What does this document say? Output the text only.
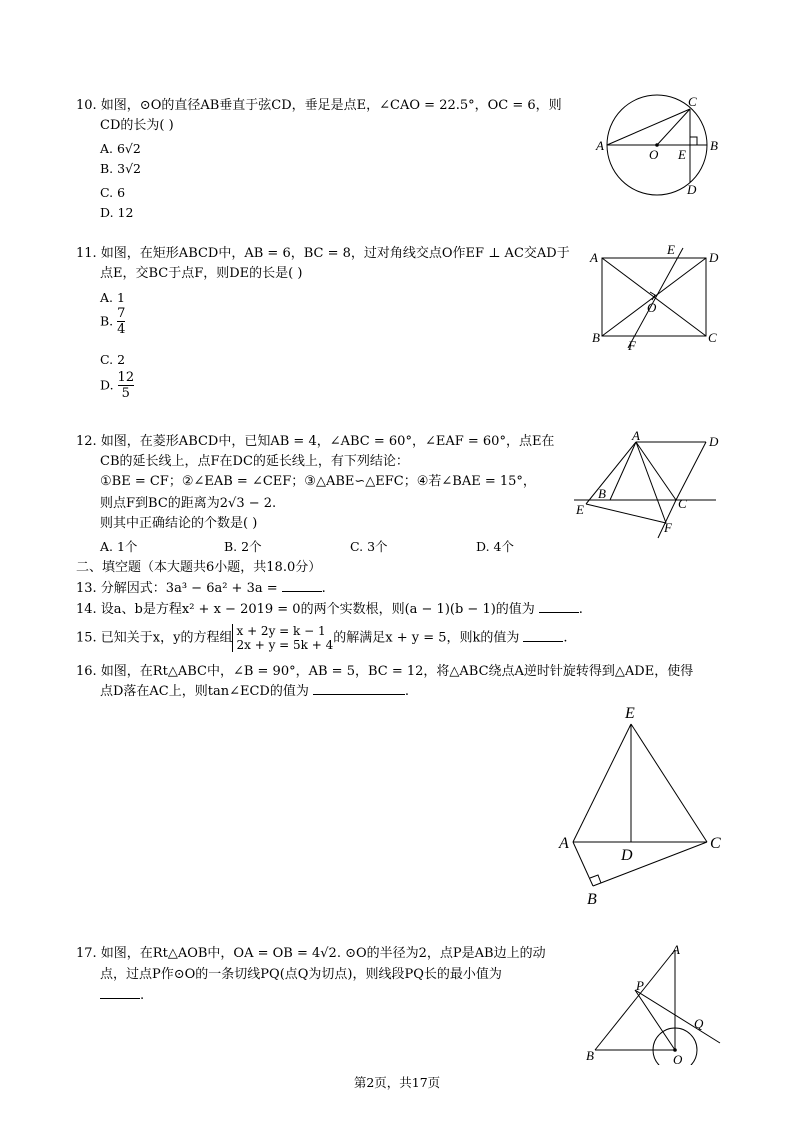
10. 如图，⊙O的直径AB垂直于弦CD，垂足是点E，∠CAO = 22.5°，OC = 6，则
CD的长为( )
A. 6√2
B. 3√2
C. 6
D. 12
A	B
C
D
E
O
11. 如图，在矩形ABCD中，AB = 6，BC = 8，过对角线交点O作EF ⊥ AC交AD于
点E，交BC于点F，则DE的长是( )
A. 1
B. $\frac{7}{4}$
C. 2
D. $\frac{12}{5}$
A
B	C
D
E
F
O
12. 如图，在菱形ABCD中，已知AB = 4，∠ABC = 60°，∠EAF = 60°，点E在
CB的延长线上，点F在DC的延长线上，有下列结论：
①BE = CF；②∠EAB = ∠CEF；③△ABE∽△EFC；④若∠BAE = 15°，
则点F到BC的距离为2√3 − 2.
则其中正确结论的个数是( )
A. 1个	B. 2个	C. 3个	D. 4个
A
B
C
D
E
F
二、填空题（本大题共6小题，共18.0分）
13. 分解因式：3a³ − 6a² + 3a =	.
14. 设a、b是方程x² + x − 2019 = 0的两个实数根，则(a − 1)(b − 1)的值为	.
15. 已知关于x，y的方程组 x + 2y = k − 1
2x + y = 5k + 4 的解满足x + y = 5，则k的值为	.
16. 如图，在Rt△ABC中，∠B = 90°，AB = 5，BC = 12，将△ABC绕点A逆时针旋转得到△ADE，使得
点D落在AC上，则tan∠ECD的值为	.
A
B
C
D
E
17. 如图，在Rt△AOB中，OA = OB = 4√2. ⊙O的半径为2，点P是AB边上的动
点，过点P作⊙O的一条切线PQ(点Q为切点)，则线段PQ长的最小值为
.
A
B	O
P
Q
第2页，共17页
